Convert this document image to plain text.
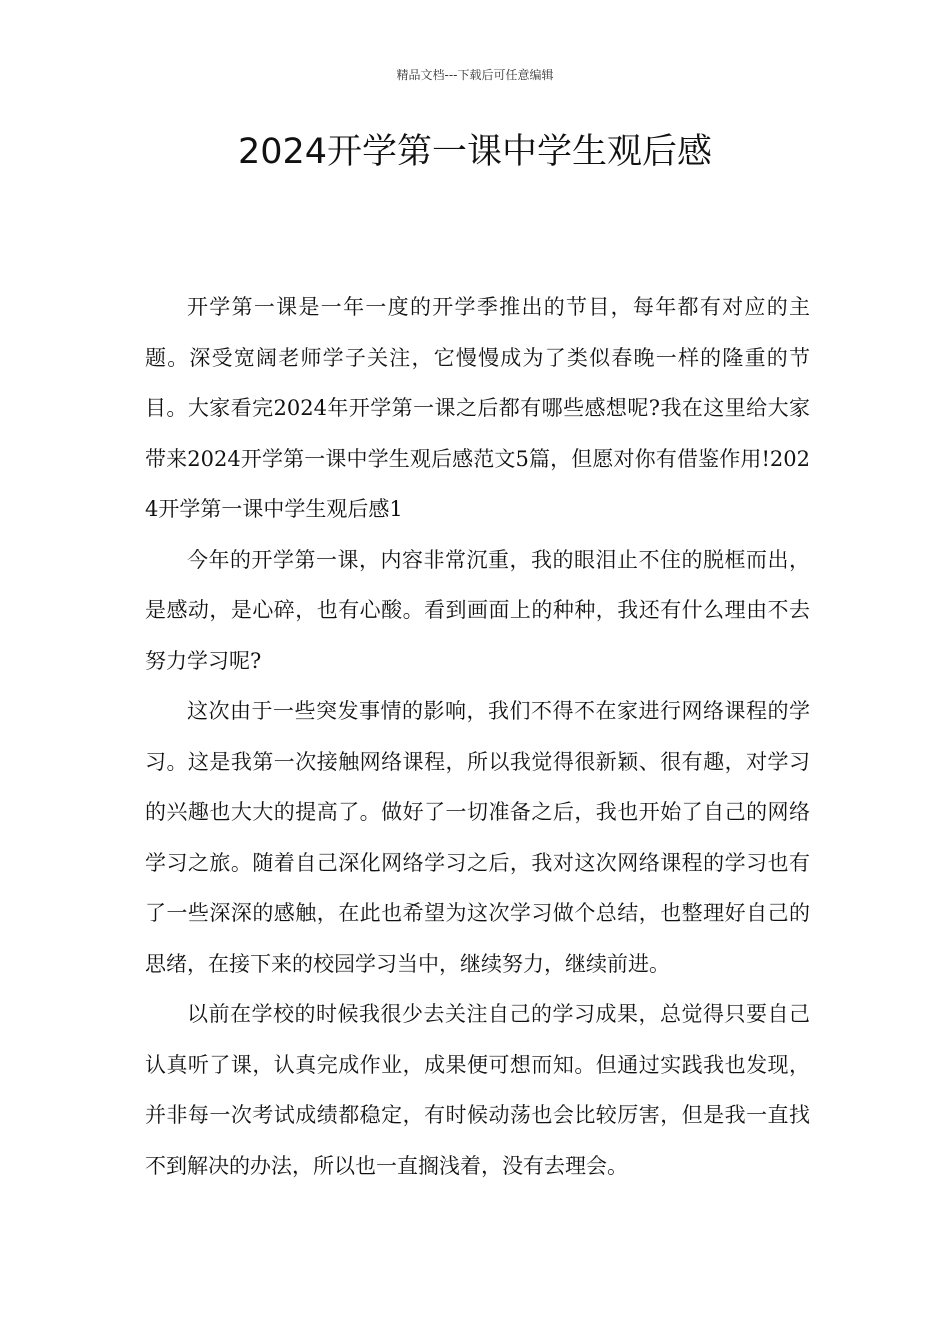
精品文档---下载后可任意编辑
2024开学第一课中学生观后感

开学第一课是一年一度的开学季推出的节目，每年都有对应的主题。深受宽阔老师学子关注，它慢慢成为了类似春晚一样的隆重的节目。大家看完2024年开学第一课之后都有哪些感想呢?我在这里给大家带来2024开学第一课中学生观后感范文5篇，但愿对你有借鉴作用!2024开学第一课中学生观后感1

今年的开学第一课，内容非常沉重，我的眼泪止不住的脱框而出，是感动，是心碎，也有心酸。看到画面上的种种，我还有什么理由不去努力学习呢?

这次由于一些突发事情的影响，我们不得不在家进行网络课程的学习。这是我第一次接触网络课程，所以我觉得很新颖、很有趣，对学习的兴趣也大大的提高了。做好了一切准备之后，我也开始了自己的网络学习之旅。随着自己深化网络学习之后，我对这次网络课程的学习也有了一些深深的感触，在此也希望为这次学习做个总结，也整理好自己的思绪，在接下来的校园学习当中，继续努力，继续前进。

以前在学校的时候我很少去关注自己的学习成果，总觉得只要自己认真听了课，认真完成作业，成果便可想而知。但通过实践我也发现，并非每一次考试成绩都稳定，有时候动荡也会比较厉害，但是我一直找不到解决的办法，所以也一直搁浅着，没有去理会。
